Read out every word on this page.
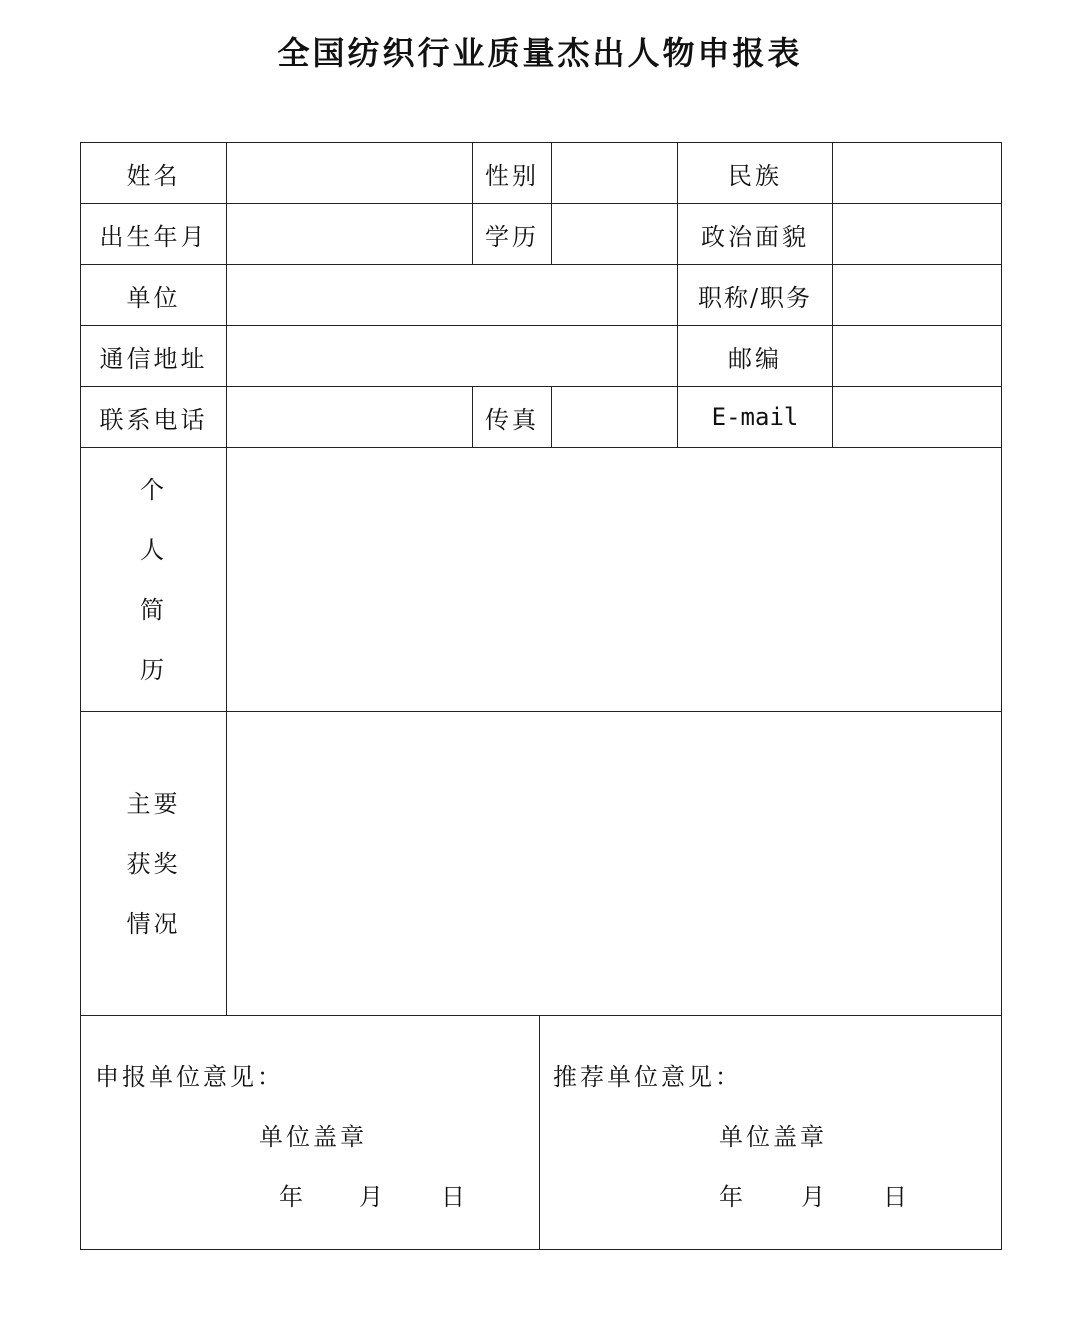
全国纺织行业质量杰出人物申报表
姓名	性别	民族
出生年月	学历	政治面貌
单位	职称/职务
通信地址	邮编
联系电话	传真	E-mail
个
人
简
历
主要
获奖
情况
申报单位意见：
单位盖章
年 月 日
推荐单位意见：
单位盖章
年 月 日
